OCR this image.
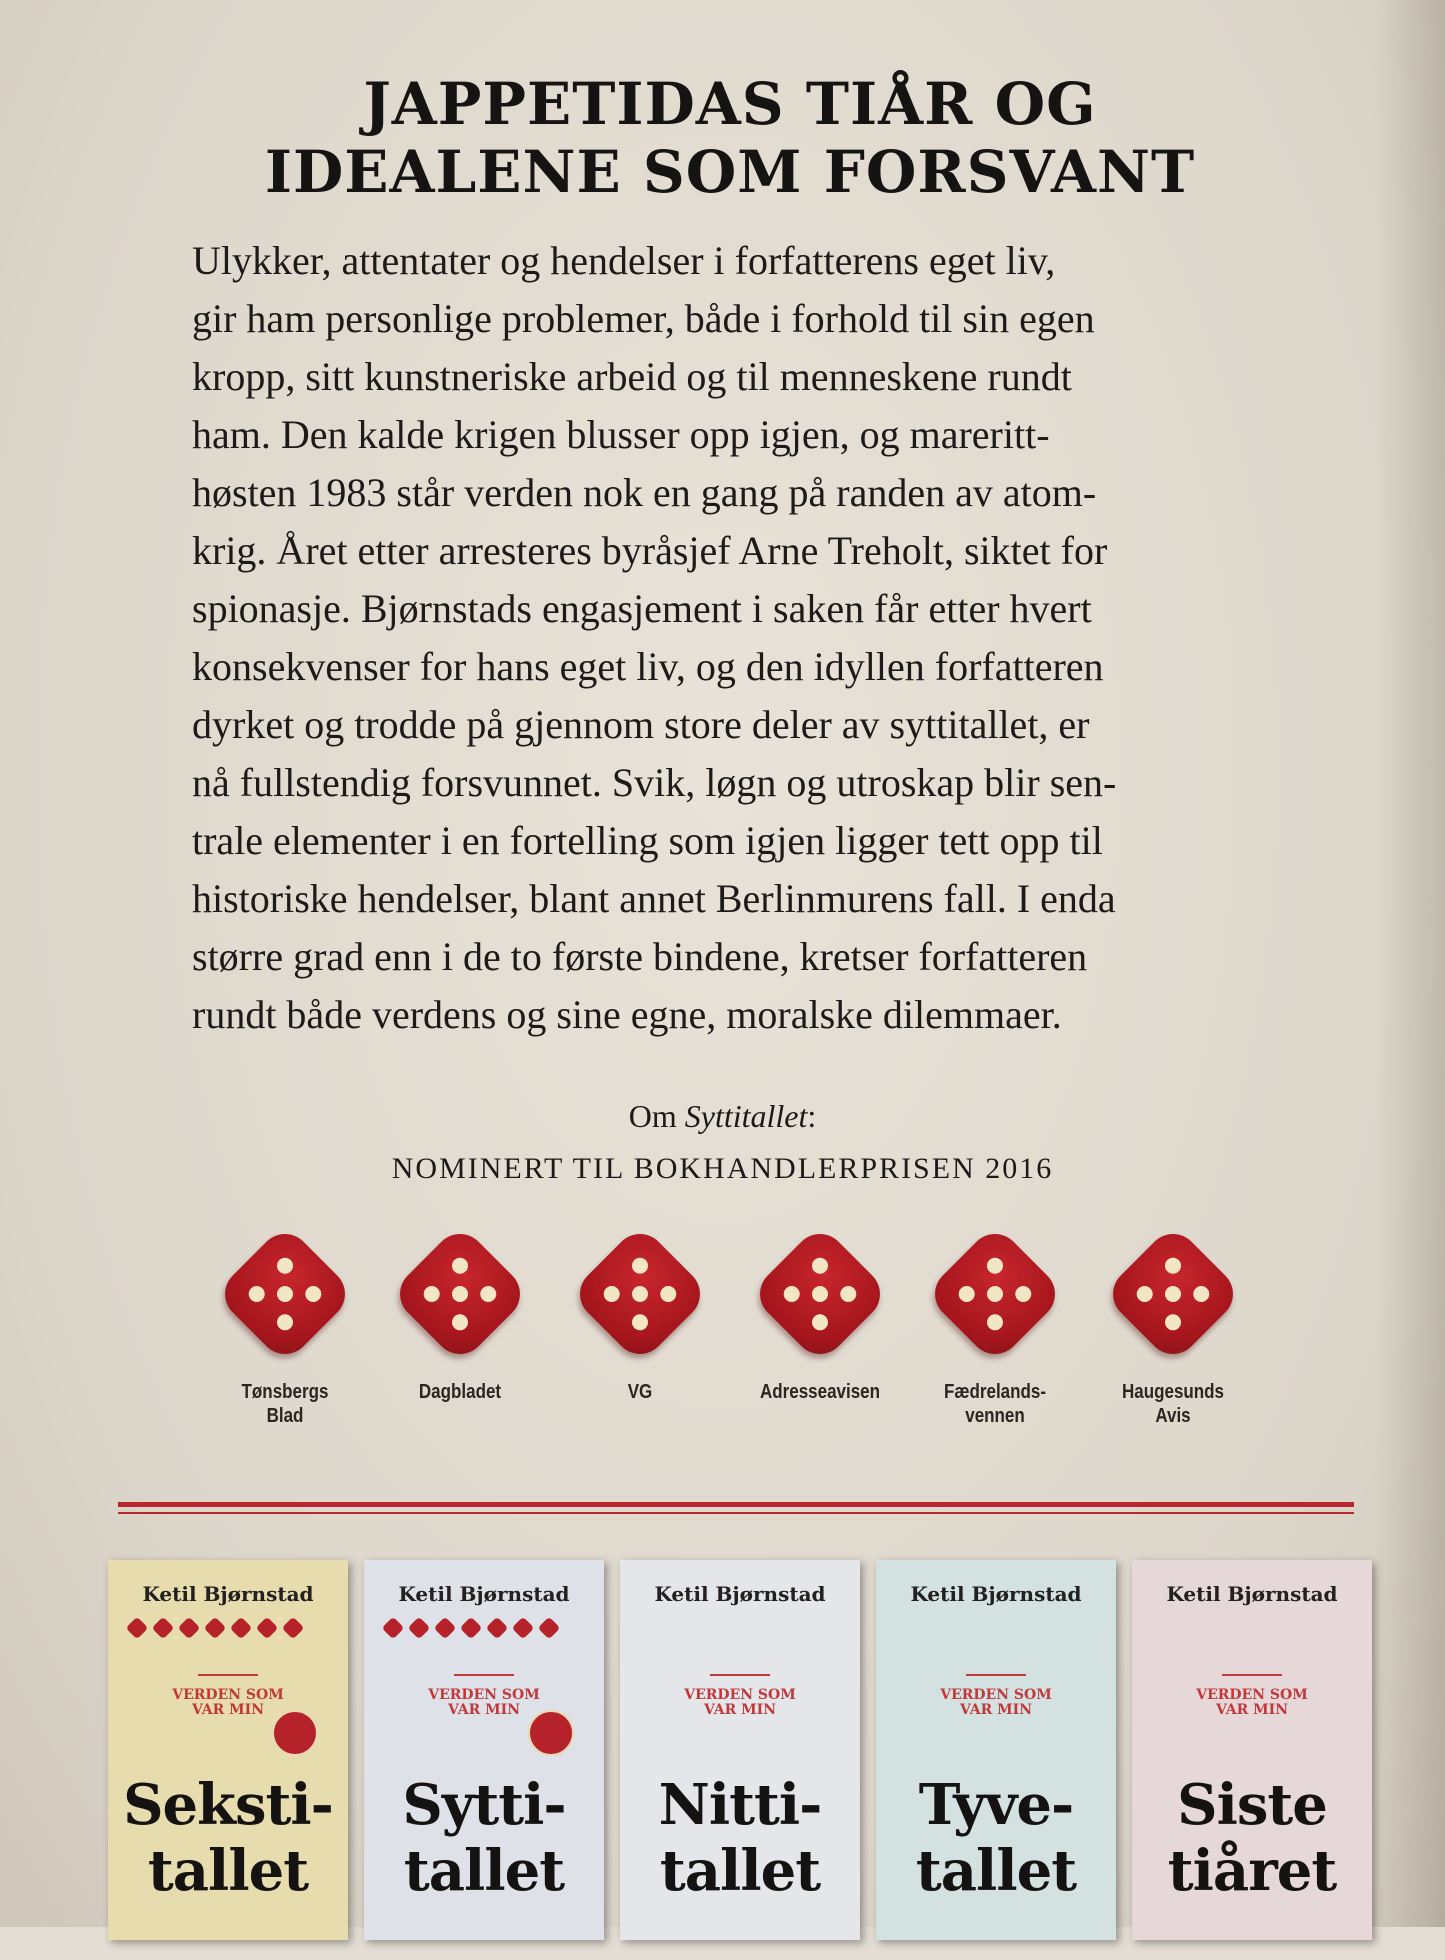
JAPPETIDAS TIÅR OG
IDEALENE SOM FORSVANT
Ulykker, attentater og hendelser i forfatterens eget liv,
gir ham personlige problemer, både i forhold til sin egen
kropp, sitt kunstneriske arbeid og til menneskene rundt
ham. Den kalde krigen blusser opp igjen, og mareritt-
høsten 1983 står verden nok en gang på randen av atom-
krig. Året etter arresteres byråsjef Arne Treholt, siktet for
spionasje. Bjørnstads engasjement i saken får etter hvert
konsekvenser for hans eget liv, og den idyllen forfatteren
dyrket og trodde på gjennom store deler av syttitallet, er
nå fullstendig forsvunnet. Svik, løgn og utroskap blir sen-
trale elementer i en fortelling som igjen ligger tett opp til
historiske hendelser, blant annet Berlinmurens fall. I enda
større grad enn i de to første bindene, kretser forfatteren
rundt både verdens og sine egne, moralske dilemmaer.
Om Syttitallet:
NOMINERT TIL BOKHANDLERPRISEN 2016
Tønsbergs
Blad
Dagbladet	VG	Adresseavisen	Fædrelands-
vennen
Haugesunds
Avis
Ketil Bjørnstad
VERDEN SOM
VAR MIN
Seksti-
tallet
Ketil Bjørnstad
VERDEN SOM
VAR MIN
Sytti-
tallet
Ketil Bjørnstad
VERDEN SOM
VAR MIN
Nitti-
tallet
Ketil Bjørnstad
VERDEN SOM
VAR MIN
Tyve-
tallet
Ketil Bjørnstad
VERDEN SOM
VAR MIN
Siste
tiåret
